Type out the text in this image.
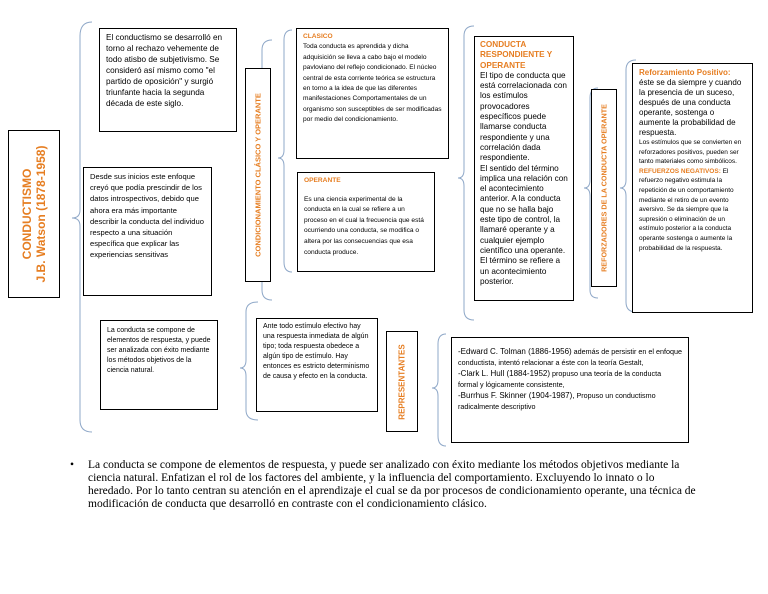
CONDUCTISMO J.B. Watson (1878-1958)

El conductismo se desarrolló en torno al rechazo vehemente de todo atisbo de subjetivismo. Se consideró así mismo como "el partido de oposición" y surgió triunfante hacia la segunda década de este siglo.

Desde sus inicios este enfoque creyó que podía prescindir de los datos introspectivos, debido que ahora era más importante describir la conducta del individuo respecto a una situación específica que explicar las experiencias sensitivas

La conducta se compone de elementos de respuesta, y puede ser analizada con éxito mediante los métodos objetivos de la ciencia natural.

CONDICIONAMIENTO CLÁSICO Y OPERANTE

CLASICO

Toda conducta es aprendida y dicha adquisición se lleva a cabo bajo el modelo pavloviano del reflejo condicionado. El núcleo central de esta corriente teórica se estructura en torno a la idea de que las diferentes manifestaciones Comportamentales de un organismo son susceptibles de ser modificadas por medio del condicionamiento.

OPERANTE

Es una ciencia experimental de la conducta en la cual se refiere a un proceso en el cual la frecuencia que está ocurriendo una conducta, se modifica o altera por las consecuencias que esa conducta produce.

CONDUCTA RESPONDIENTE Y OPERANTE

El tipo de conducta que está correlacionada con los estímulos provocadores específicos puede llamarse conducta respondiente y una correlación dada respondiente.

El sentido del término implica una relación con el acontecimiento anterior. A la conducta que no se halla bajo este tipo de control, la llamaré operante y a cualquier ejemplo científico una operante. El término se refiere a un acontecimiento posterior.

REFORZADORES DE LA CONDUCTA OPERANTE

Reforzamiento Positivo:

éste se da siempre y cuando la presencia de un suceso, después de una conducta operante, sostenga o aumente la probabilidad de respuesta.

Los estímulos que se convierten en reforzadores positivos, pueden ser tanto materiales como simbólicos.

REFUERZOS NEGATIVOS: El refuerzo negativo estimula la repetición de un comportamiento mediante el retiro de un evento aversivo. Se da siempre que la supresión o eliminación de un estímulo posterior a la conducta operante sostenga o aumente la probabilidad de la respuesta.

Ante todo estímulo efectivo hay una respuesta inmediata de algún tipo; toda respuesta obedece a algún tipo de estímulo. Hay entonces es estricto determinismo de causa y efecto en la conducta.	REPRESENTANTES	-Edward C. Tolman (1886-1956) además de persistir en el enfoque conductista, intentó relacionar a éste con la teoría Gestalt,
-Clark L. Hull (1884-1952) propuso una teoría de la conducta formal y lógicamente consistente,
-Burrhus F. Skinner (1904-1987), Propuso un conductismo radicalmente descriptivo
• La conducta se compone de elementos de respuesta, y puede ser analizado con éxito mediante los métodos objetivos mediante la ciencia natural. Enfatizan el rol de los factores del ambiente, y la influencia del comportamiento. Excluyendo lo innato o lo heredado. Por lo tanto centran su atención en el aprendizaje el cual se da por procesos de condicionamiento operante, una técnica de modificación de conducta que desarrolló en contraste con el condicionamiento clásico.
